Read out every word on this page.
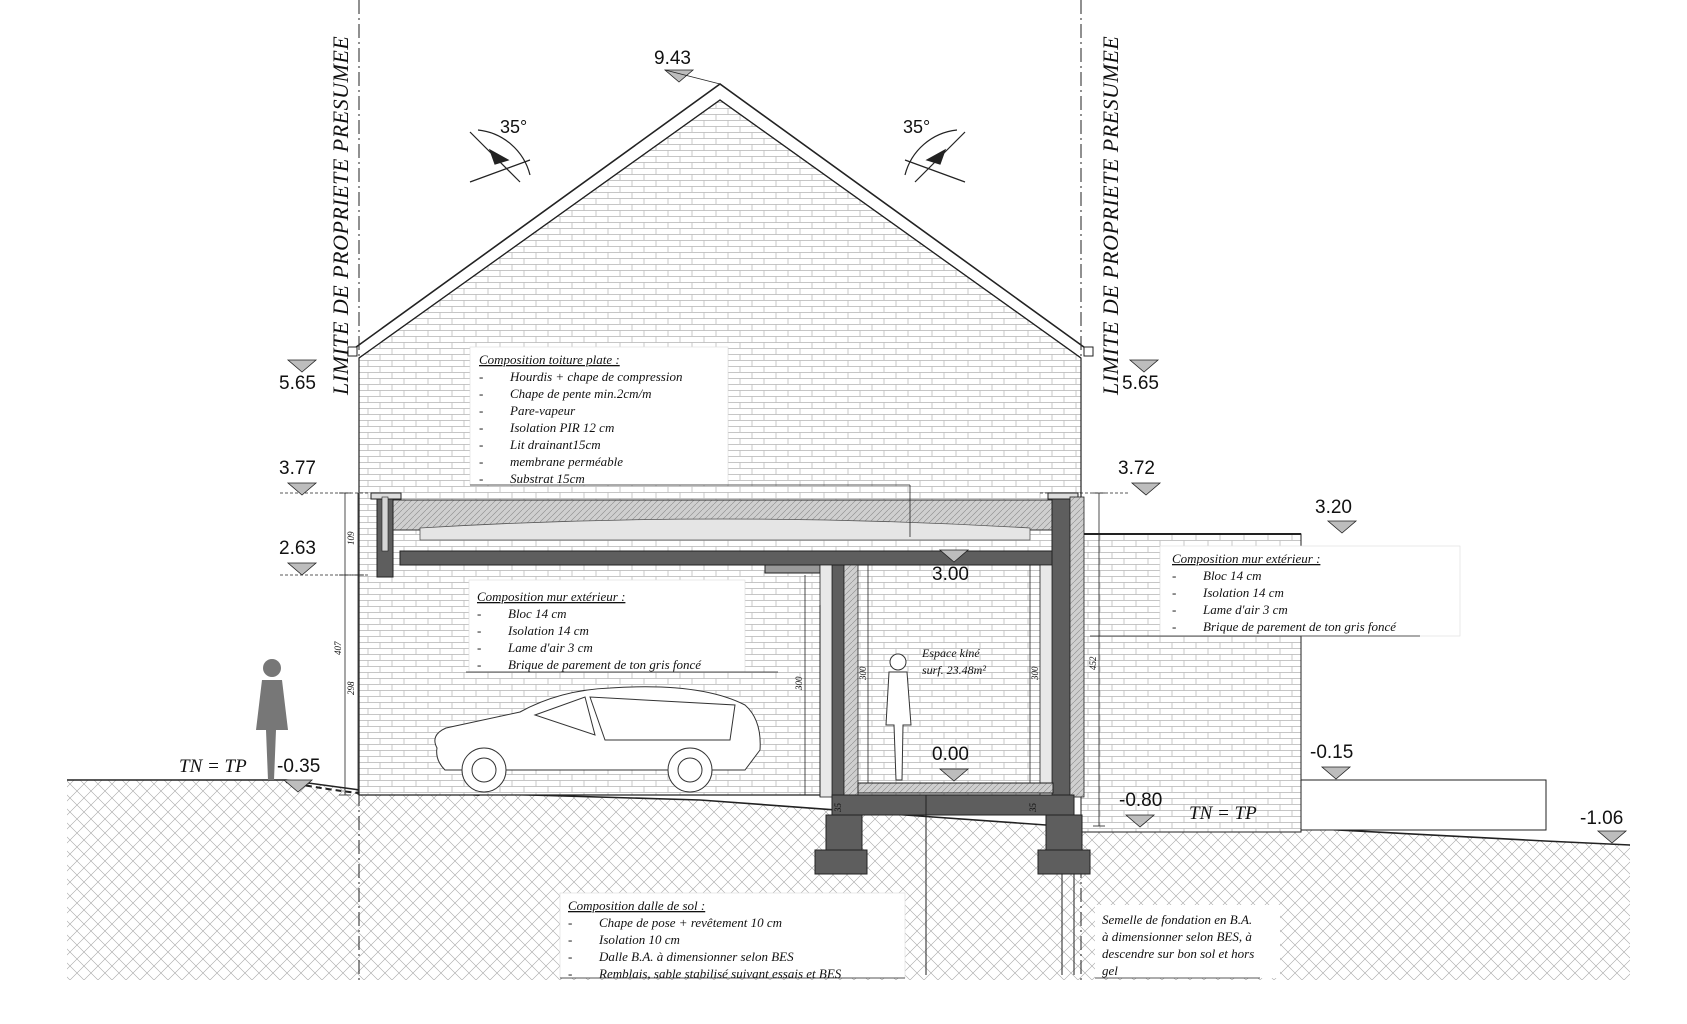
LIMITE DE PROPRIETE PRESUMEE	LIMITE DE PROPRIETE PRESUMEE
35°	35°
9.43
5.65	5.65
3.77	3.72
3.20
2.63
3.00
0.00
-0.35
-0.15
-0.80
-1.06
TN = TP
TN = TP
109
407
298	300
300	300
452
35	35
Espace kiné
surf. 23.48m²
Composition toiture plate :
- Hourdis + chape de compression
- Chape de pente min.2cm/m
- Pare-vapeur
- Isolation PIR 12 cm
- Lit drainant15cm
- membrane perméable
- Substrat 15cm
Composition mur extérieur :
- Bloc 14 cm
- Isolation 14 cm
- Lame d'air 3 cm
- Brique de parement de ton gris foncé
Composition mur extérieur :
- Bloc 14 cm
- Isolation 14 cm
- Lame d'air 3 cm
- Brique de parement de ton gris foncé
Composition dalle de sol :
- Chape de pose + revêtement 10 cm
- Isolation 10 cm
- Dalle B.A. à dimensionner selon BES
- Remblais, sable stabilisé suivant essais et BES
Semelle de fondation en B.A.
à dimensionner selon BES, à
descendre sur bon sol et hors
gel
